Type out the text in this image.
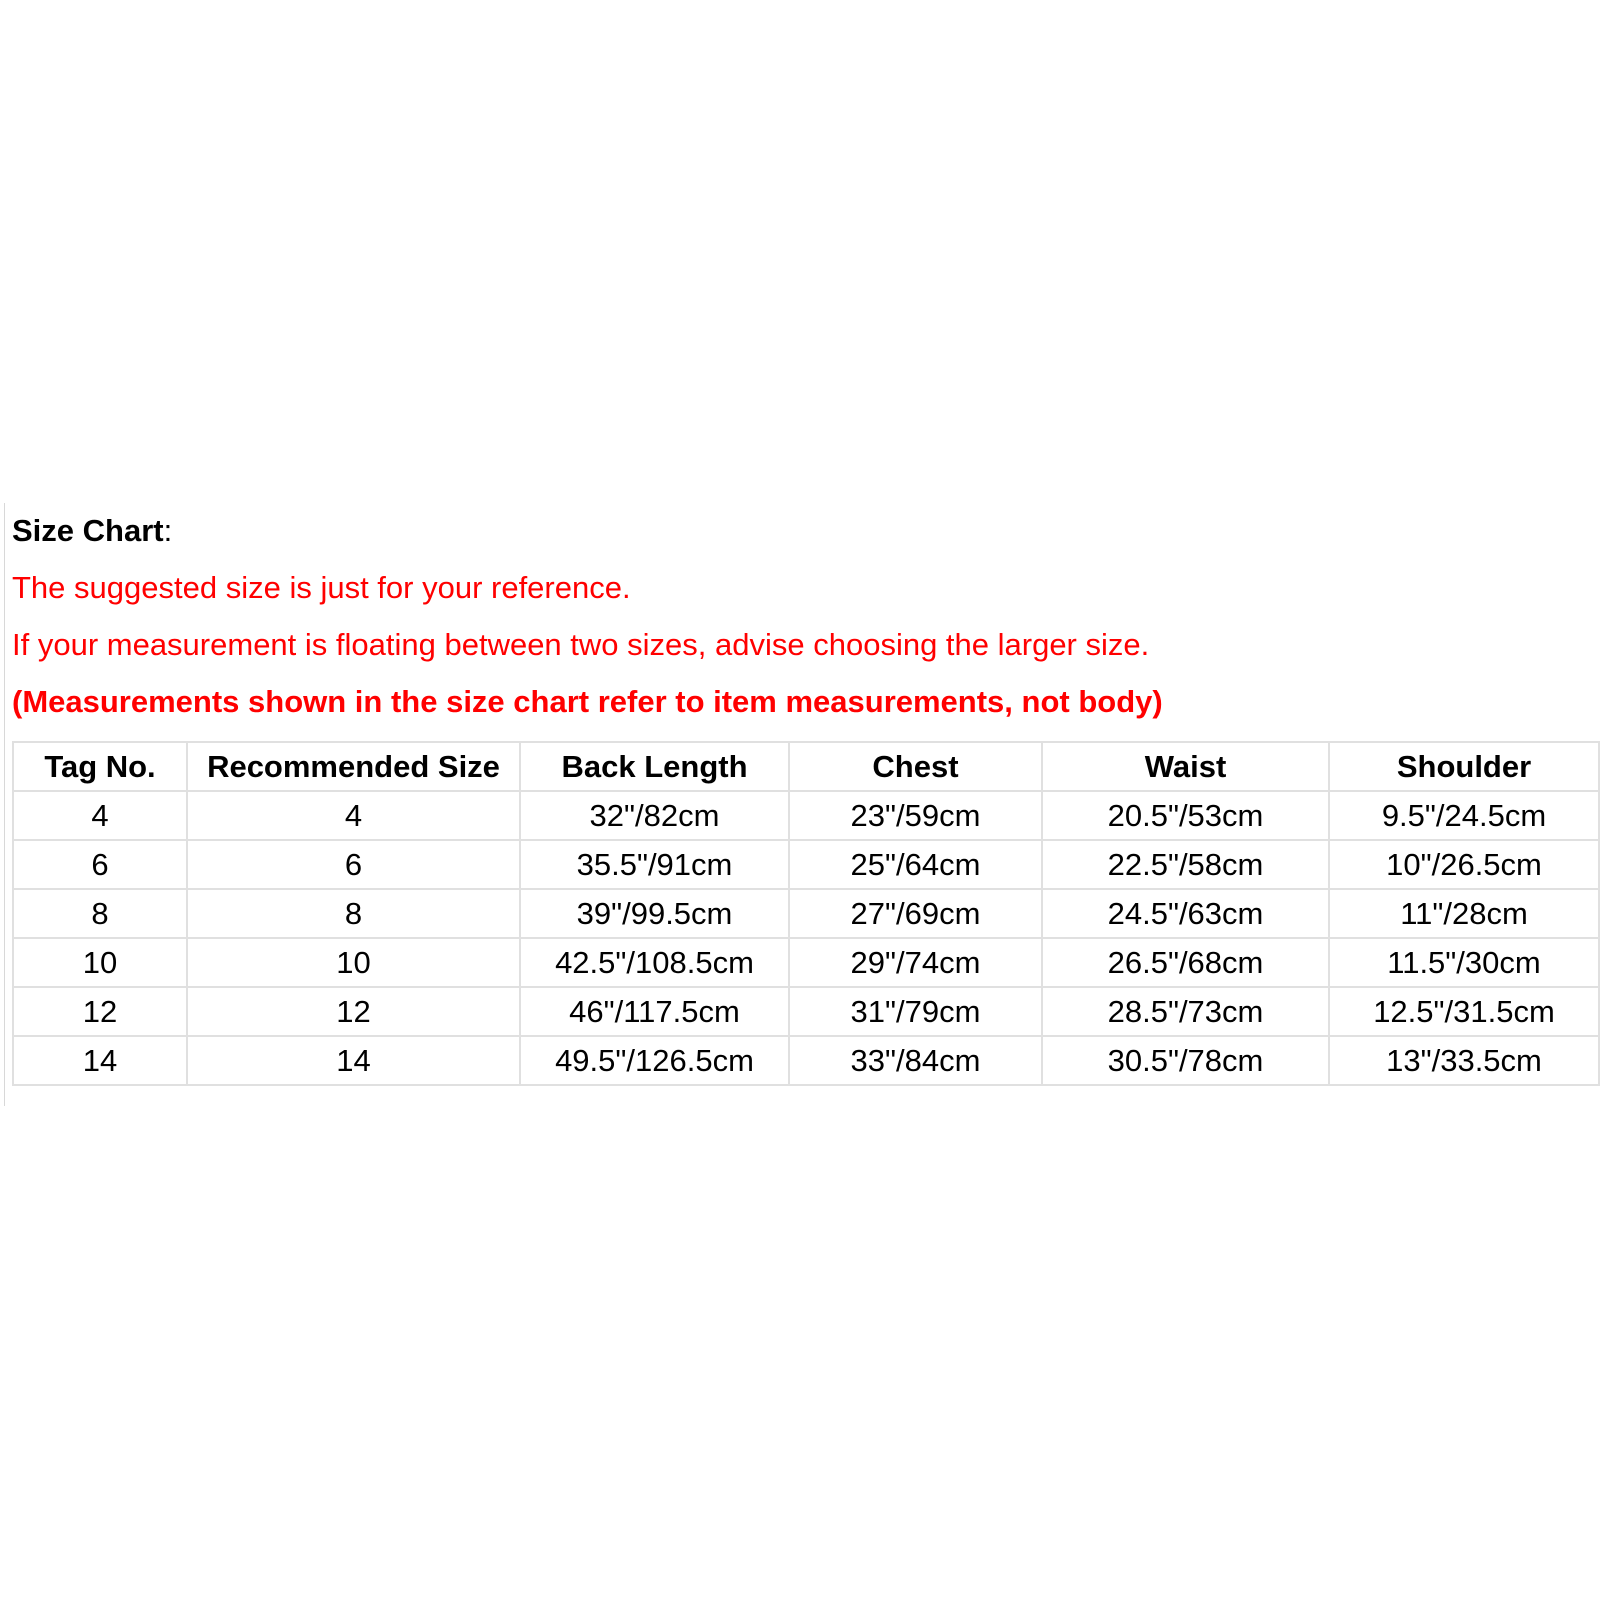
Size Chart:
The suggested size is just for your reference.
If your measurement is floating between two sizes, advise choosing the larger size.
(Measurements shown in the size chart refer to item measurements, not body)
Tag No.	Recommended Size	Back Length	Chest	Waist	Shoulder
4	4	32"/82cm	23"/59cm	20.5"/53cm	9.5"/24.5cm
6	6	35.5"/91cm	25"/64cm	22.5"/58cm	10"/26.5cm
8	8	39"/99.5cm	27"/69cm	24.5"/63cm	11"/28cm
10	10	42.5"/108.5cm	29"/74cm	26.5"/68cm	11.5"/30cm
12	12	46"/117.5cm	31"/79cm	28.5"/73cm	12.5"/31.5cm
14	14	49.5"/126.5cm	33"/84cm	30.5"/78cm	13"/33.5cm
